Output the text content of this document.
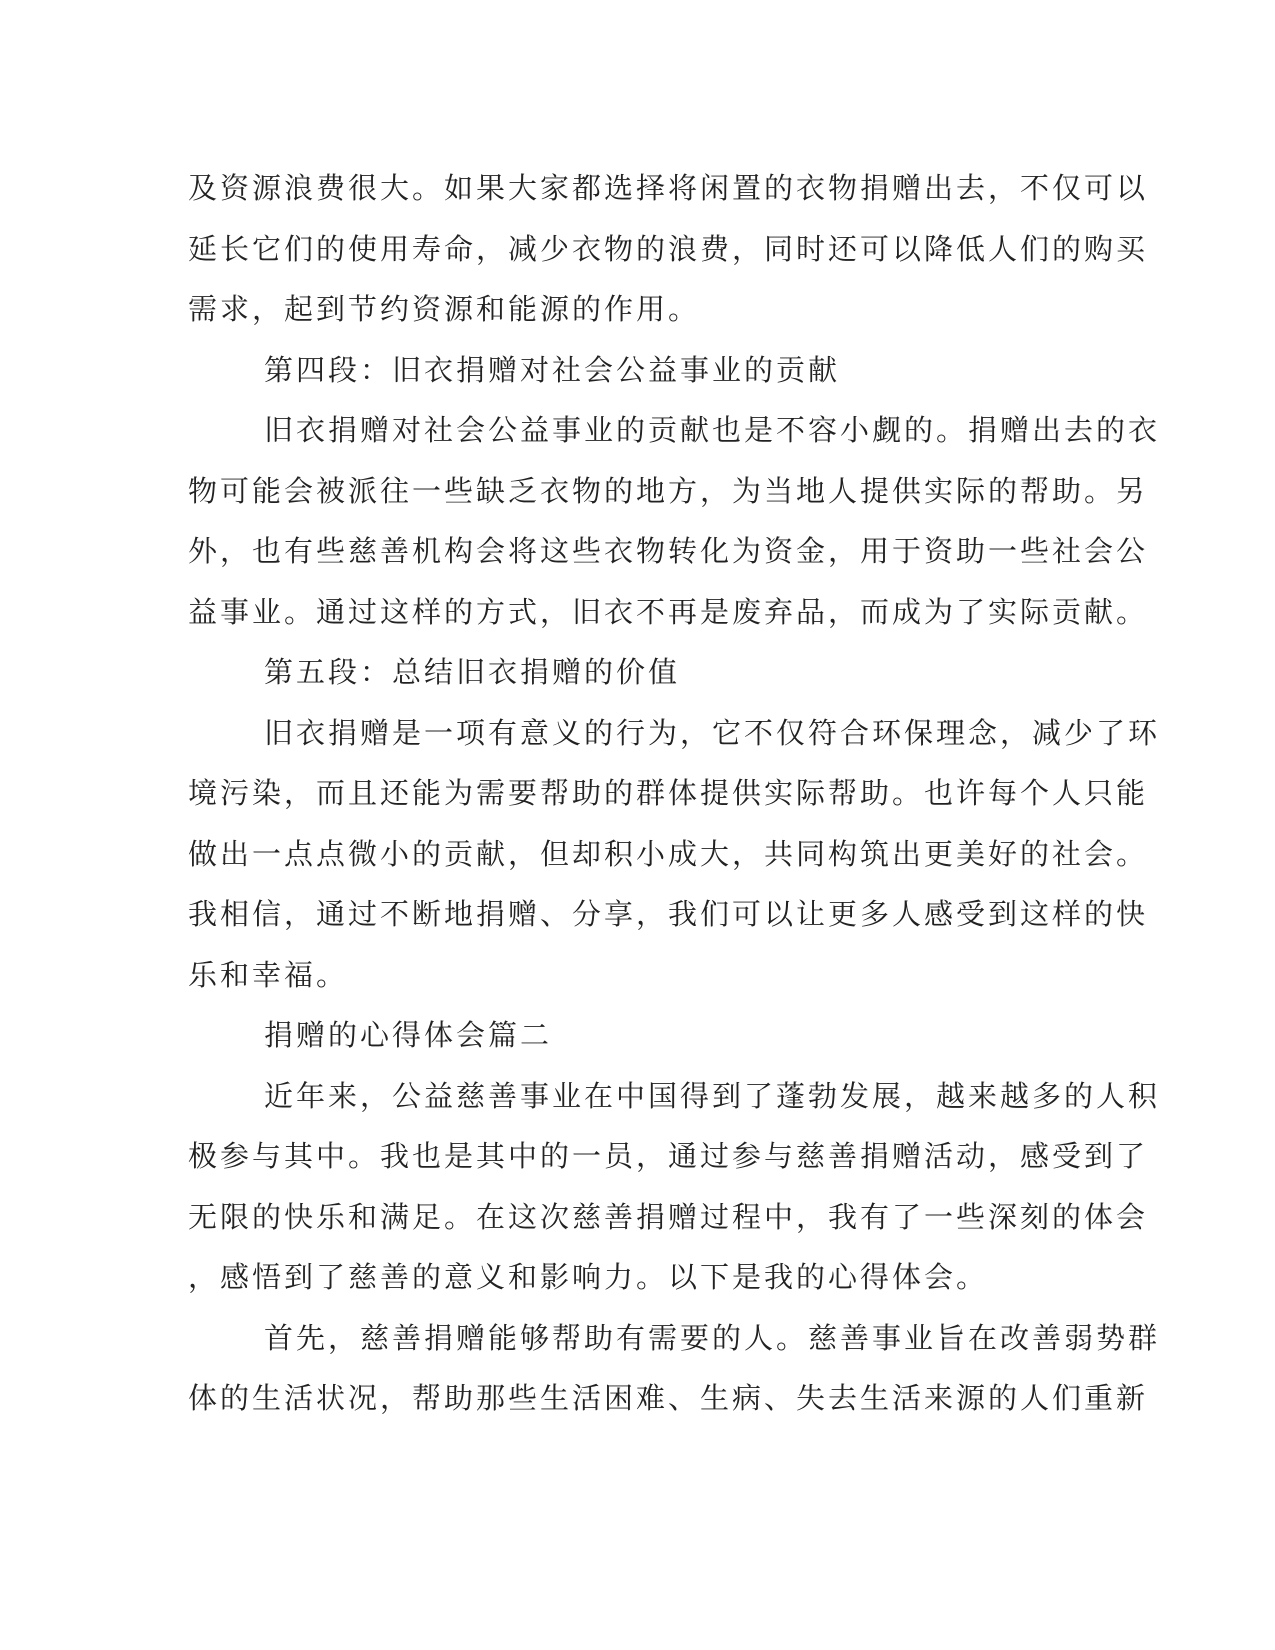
及资源浪费很大。如果大家都选择将闲置的衣物捐赠出去，不仅可以
延长它们的使用寿命，减少衣物的浪费，同时还可以降低人们的购买
需求，起到节约资源和能源的作用。
第四段：旧衣捐赠对社会公益事业的贡献
旧衣捐赠对社会公益事业的贡献也是不容小觑的。捐赠出去的衣
物可能会被派往一些缺乏衣物的地方，为当地人提供实际的帮助。另
外，也有些慈善机构会将这些衣物转化为资金，用于资助一些社会公
益事业。通过这样的方式，旧衣不再是废弃品，而成为了实际贡献。
第五段：总结旧衣捐赠的价值
旧衣捐赠是一项有意义的行为，它不仅符合环保理念，减少了环
境污染，而且还能为需要帮助的群体提供实际帮助。也许每个人只能
做出一点点微小的贡献，但却积小成大，共同构筑出更美好的社会。
我相信，通过不断地捐赠、分享，我们可以让更多人感受到这样的快
乐和幸福。
捐赠的心得体会篇二
近年来，公益慈善事业在中国得到了蓬勃发展，越来越多的人积
极参与其中。我也是其中的一员，通过参与慈善捐赠活动，感受到了
无限的快乐和满足。在这次慈善捐赠过程中，我有了一些深刻的体会
，感悟到了慈善的意义和影响力。以下是我的心得体会。
首先，慈善捐赠能够帮助有需要的人。慈善事业旨在改善弱势群
体的生活状况，帮助那些生活困难、生病、失去生活来源的人们重新
